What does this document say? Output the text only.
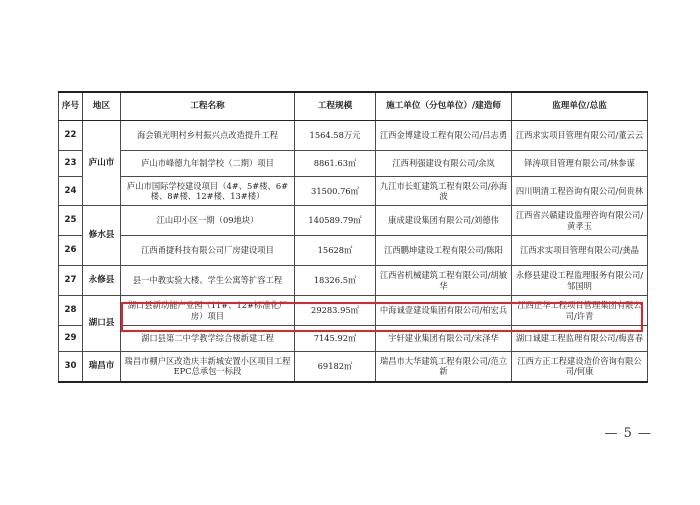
序号	地区	工程名称	工程规模	施工单位（分包单位）/建造师	监理单位/总监
22	庐山市	海会镇光明村乡村振兴点改造提升工程	1564.58万元	江西金博建设工程有限公司/吕志勇	江西求实项目管理有限公司/董云云
23		庐山市峰德九年制学校（二期）项目	8861.63㎡	江西利强建设有限公司/余岚	铎涛项目管理有限公司/林参谋
24		庐山市国际学校建设项目（4#、5#楼、6#楼、8#楼、12#楼、13#楼）	31500.76㎡	九江市长虹建筑工程有限公司/孙海波	四川明清工程咨询有限公司/何贵林
25	修水县	江山印小区一期（09地块）	140589.79㎡	康成建设集团有限公司/刘德伟	江西省兴赣建设监理咨询有限公司/黄孝玉
26		江西甬捷科技有限公司厂房建设项目	15628㎡	江西鹏坤建设工程有限公司/陈阳	江西求实项目管理有限公司/龚晶
27	永修县	县一中教实验大楼、学生公寓等扩容工程	18326.5㎡	江西省机械建筑工程有限公司/胡敏华	永修县建设工程监理服务有限公司/邹国明
28	湖口县	湖口县新动能产业园（11#、12#标准化厂房）项目	29283.95㎡	中海诚壹建设集团有限公司/柏宏兵	江西正华工程项目管理集团有限公司/许青
29		湖口县第二中学教学综合楼新建工程	7145.92㎡	宇轩建业集团有限公司/宋泽华	湖口诚建工程监理有限公司/梅喜春
30	瑞昌市	瑞昌市棚户区改造庆丰新城安置小区项目工程EPC总承包一标段	69182㎡	瑞昌市大华建筑工程有限公司/范立新	江西方正工程建设造价咨询有限公司/何康
— 5 —
